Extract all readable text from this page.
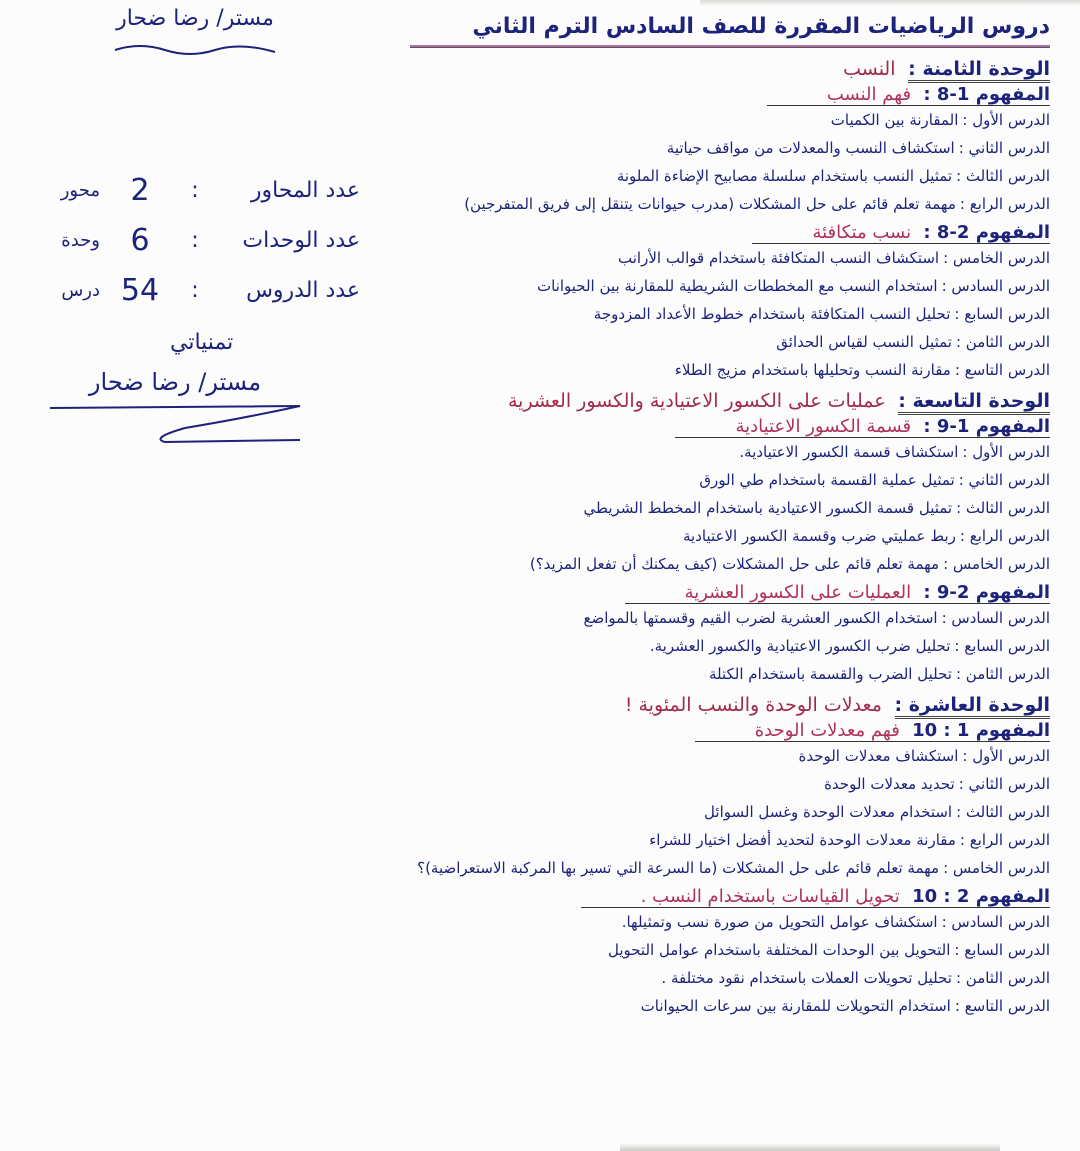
مستر/ رضا ضحار
عدد المحاور
:
2
محور
عدد الوحدات
:
6
وحدة
عدد الدروس
:
54
درس
تمنياتي
مستر/ رضا ضحار
دروس الرياضيات المقررة للصف السادس الترم الثاني
الوحدة الثامنة : النسب
المفهوم 1-8 : فهم النسب
الدرس الأول :المقارنة بين الكميات
الدرس الثاني :استكشاف النسب والمعدلات من مواقف حياتية
الدرس الثالث :تمثيل النسب باستخدام سلسلة مصابيح الإضاءة الملونة
الدرس الرابع :مهمة تعلم قائم على حل المشكلات (مدرب حيوانات يتنقل إلى فريق المتفرجين)
المفهوم 2-8 : نسب متكافئة
الدرس الخامس :استكشاف النسب المتكافئة باستخدام قوالب الأرانب
الدرس السادس :استخدام النسب مع المخططات الشريطية للمقارنة بين الحيوانات
الدرس السابع :تحليل النسب المتكافئة باستخدام خطوط الأعداد المزدوجة
الدرس الثامن :تمثيل النسب لقياس الحدائق
الدرس التاسع :مقارنة النسب وتحليلها باستخدام مزيج الطلاء
الوحدة التاسعة : عمليات على الكسور الاعتيادية والكسور العشرية
المفهوم 1-9 : قسمة الكسور الاعتيادية
الدرس الأول :استكشاف قسمة الكسور الاعتيادية.
الدرس الثاني :تمثيل عملية القسمة باستخدام طي الورق
الدرس الثالث :تمثيل قسمة الكسور الاعتيادية باستخدام المخطط الشريطي
الدرس الرابع :ربط عمليتي ضرب وقسمة الكسور الاعتيادية
الدرس الخامس :مهمة تعلم قائم على حل المشكلات (كيف يمكنك أن تفعل المزيد؟)
المفهوم 2-9 : العمليات على الكسور العشرية
الدرس السادس :استخدام الكسور العشرية لضرب القيم وقسمتها بالمواضع
الدرس السابع :تحليل ضرب الكسور الاعتيادية والكسور العشرية.
الدرس الثامن :تحليل الضرب والقسمة باستخدام الكتلة
الوحدة العاشرة : معدلات الوحدة والنسب المئوية !
المفهوم 1 : 10 فهم معدلات الوحدة
الدرس الأول :استكشاف معدلات الوحدة
الدرس الثاني :تحديد معدلات الوحدة
الدرس الثالث :استخدام معدلات الوحدة وغسل السوائل
الدرس الرابع :مقارنة معدلات الوحدة لتحديد أفضل اختيار للشراء
الدرس الخامس :مهمة تعلم قائم على حل المشكلات (ما السرعة التي تسير بها المركبة الاستعراضية)؟
المفهوم 2 : 10 تحويل القياسات باستخدام النسب .
الدرس السادس :استكشاف عوامل التحويل من صورة نسب وتمثيلها.
الدرس السابع :التحويل بين الوحدات المختلفة باستخدام عوامل التحويل
الدرس الثامن :تحليل تحويلات العملات باستخدام نقود مختلفة .
الدرس التاسع :استخدام التحويلات للمقارنة بين سرعات الحيوانات
